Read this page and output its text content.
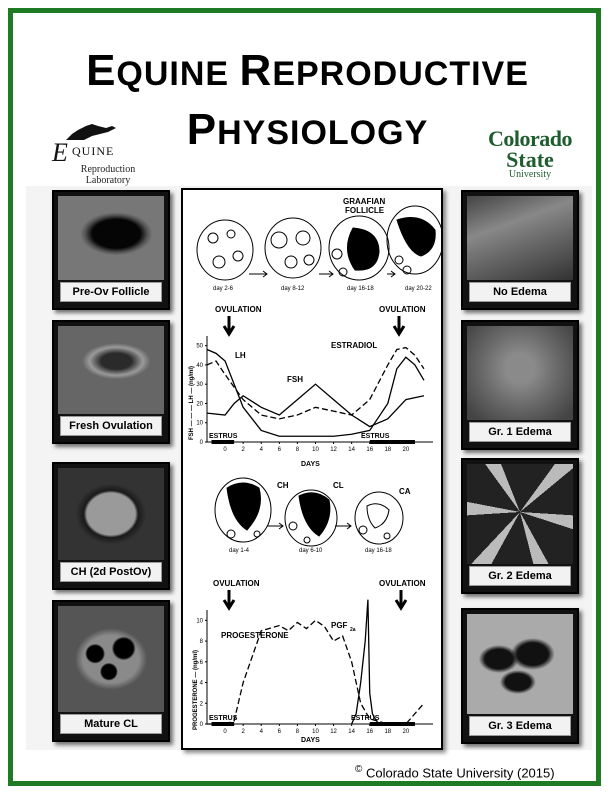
EQUINE REPRODUCTIVE
PHYSIOLOGY
E QUINE
Reproduction
Laboratory
Colorado
State
University
Pre-Ov Follicle
Fresh Ovulation
CH (2d PostOv)
Mature CL
No Edema
Gr. 1 Edema
Gr. 2 Edema
Gr. 3 Edema
GRAAFIAN
FOLLICLE
day 2-6	day 8-12	day 16-18	day 20-22
0
10
20
30
40
50
0 2 4 6 8 10 12 14 16 18 20
OVULATION	OVULATION
LH
FSH
ESTRADIOL
FSH — — — LH — (ng/ml) ESTRUS	ESTRUS
DAYS
CH	CL
CA
day 1-4	day 6-10	day 16-18
0
2
4
6
8
10
0 2 4 6 8 10 12 14 16 18 20
OVULATION	OVULATION
PROGESTERONE
PGF 2a
PROGESTERONE — (ng/ml) ESTRUS	ESTRUS
DAYS
© Colorado State University (2015)
